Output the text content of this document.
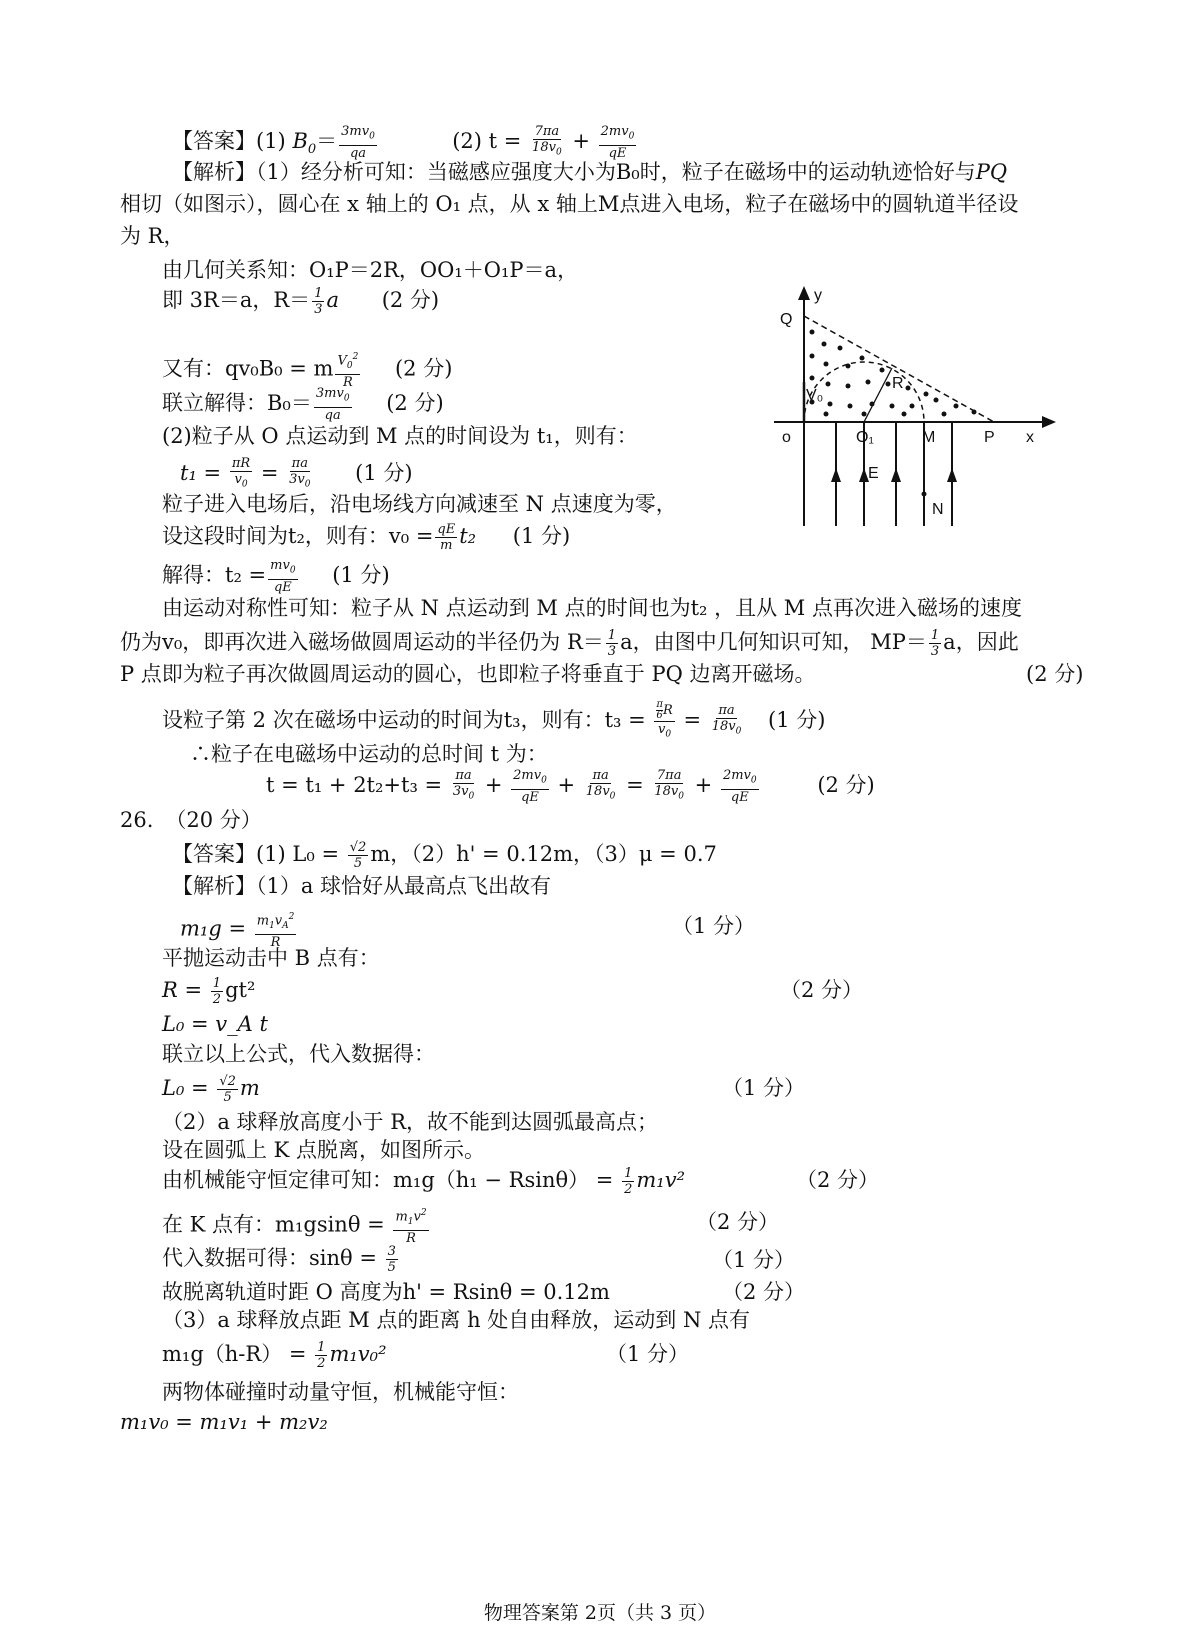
【答案】(1) $B_0= \frac{3mv_0}{qa}$	(2) $t = \frac{7\pi a}{18v_0} + \frac{2mv_0}{qE}$
【解析】（1）经分析可知：当磁感应强度大小为B₀时，粒子在磁场中的运动轨迹恰好与PQ
相切（如图示），圆心在 x 轴上的 O₁ 点，从 x 轴上M点进入电场，粒子在磁场中的圆轨道半径设
为 R，
由几何关系知：O₁P＝2R，OO₁＋O₁P＝a，
即 3R＝a，$R= \frac{1}{3}$ a (2 分)
又有：qv₀B₀ = m $\frac{V_0^2}{R} (2$ 分)
联立解得：$B_0= \frac{3mv_0}{qa} (2$ 分)
(2)粒子从 O 点运动到 M 点的时间设为 t₁，则有：
$t_1 = \frac{\pi R}{v_0} = \frac{\pi a}{3v_0} (1$ 分)
粒子进入电场后，沿电场线方向减速至 N 点速度为零，
设这段时间为t₂，则有：$v_0 = \frac{qE}{m} t_2$ (1 分)
解得：$t_2 = \frac{mv_0}{qE} (1$ 分)
由运动对称性可知：粒子从 N 点运动到 M 点的时间也为t₂ ，且从 M 点再次进入磁场的速度
仍为v₀，即再次进入磁场做圆周运动的半径仍为 $R= \frac{1}{3}$ a，由图中几何知识可知， $MP= \frac{1}{3}$ a，因此
P 点即为粒子再次做圆周运动的圆心，也即粒子将垂直于 PQ 边离开磁场。	(2 分)
设粒子第 2 次在磁场中运动的时间为t₃，则有：$t_3 = \frac{\frac{\pi}{6} R}{v_0} = \frac{\pi a}{18v_0} (1$ 分)
∴粒子在电磁场中运动的总时间 t 为：
$t = t_1 + 2t_2+t_3 = \frac{\pi a}{3v_0} + \frac{2mv_0}{qE} + \frac{\pi a}{18v_0} = \frac{7\pi a}{18v_0} + \frac{2mv_0}{qE}$	(2 分)
y
Q
o	O₁	M	P x
R
V₀
E
N
26. （20 分）
【答案】(1) $L_0 = \frac{√2}{5}$ m，（2）h' = 0.12m，（3）μ = 0.7
【解析】（1）a 球恰好从最高点飞出故有
$m_1g = \frac{m_1v_A^2}{R}$	（1 分）
平抛运动击中 B 点有：
$R = \frac{1}{2} gt^2$	（2 分）
L₀ = v_A t
联立以上公式，代入数据得：
$L_0 = \frac{√2}{5}$ m	（1 分）
（2）a 球释放高度小于 R，故不能到达圆弧最高点；
设在圆弧上 K 点脱离，如图所示。
由机械能守恒定律可知：$m_1g(h_1 - Rsin\theta) = \frac{1}{2} m_1v^2$	（2 分）
在 K 点有：$m_1gsin\theta = \frac{m_1v^2}{R}$	（2 分）
代入数据可得：$\sin\theta = \frac{3}{5}$	（1 分）
故脱离轨道时距 O 高度为h' = Rsinθ = 0.12m	（2 分）
（3）a 球释放点距 M 点的距离 h 处自由释放，运动到 N 点有
$m_1g(h-R) = \frac{1}{2} m_1v_0^2$	（1 分）
两物体碰撞时动量守恒，机械能守恒：
m₁v₀ = m₁v₁ + m₂v₂
物理答案第 2页（共 3 页）
